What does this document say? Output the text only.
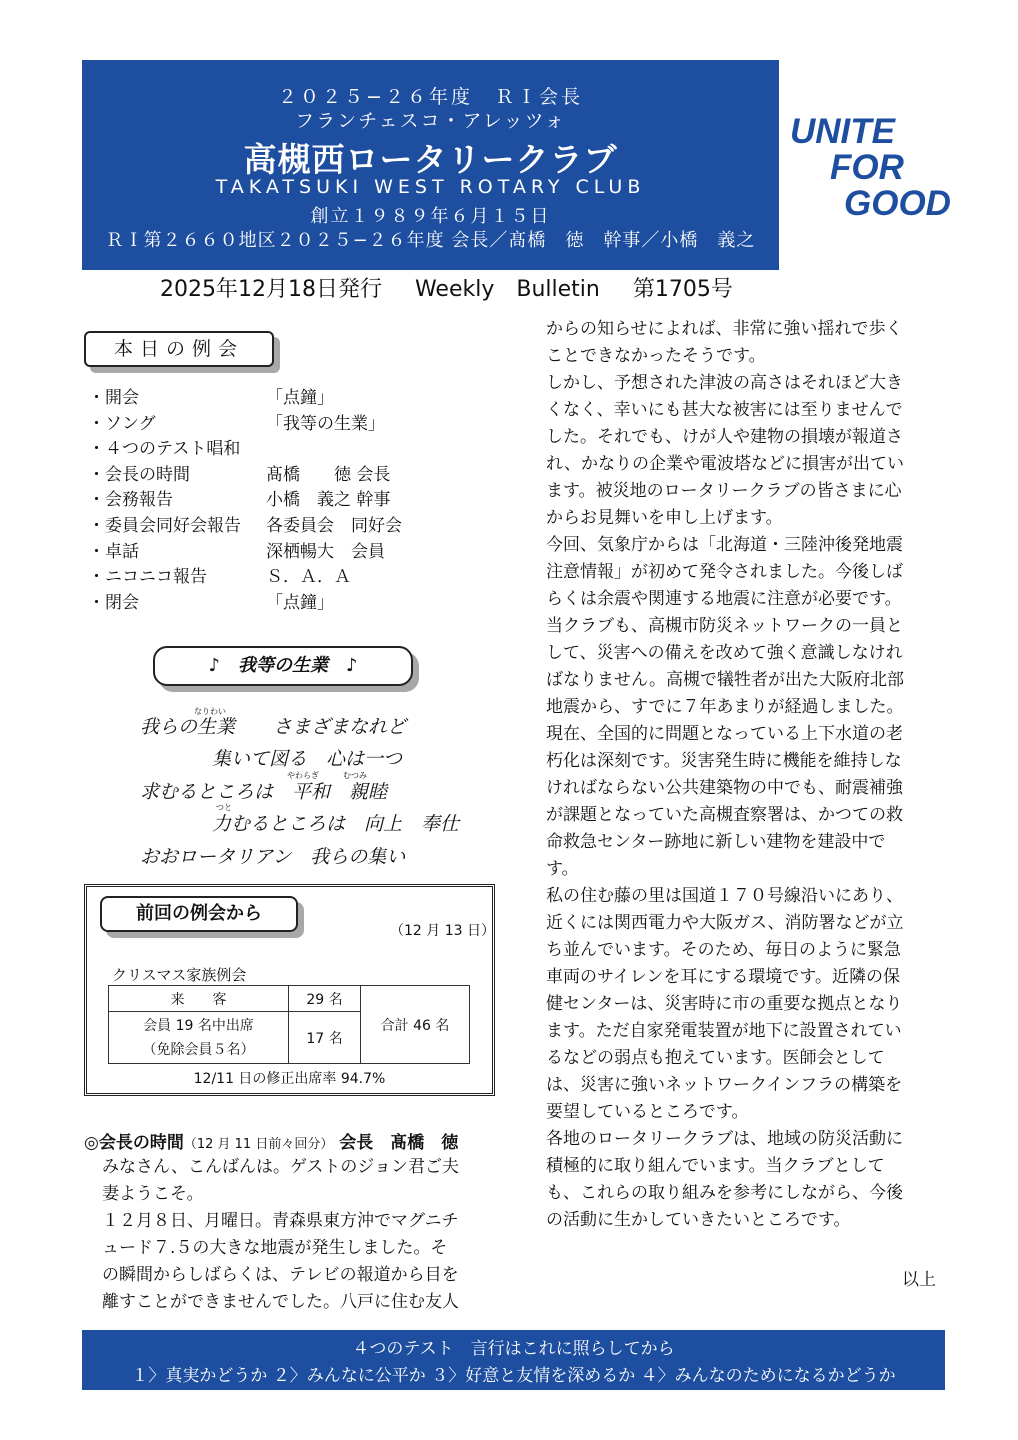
２０２５−２６年度　ＲＩ会長
フランチェスコ・アレッツォ
高槻西ロータリークラブ
TAKATSUKI WEST ROTARY CLUB
創立１９８９年６月１５日
ＲＩ第２６６０地区２０２５−２６年度 会長／髙橋　徳　幹事／小橋　義之
UNITE
FOR
GOOD
2025年12月18日発行　 Weekly　Bulletin　 第1705号
本日の例会
・開会	「点鐘」
・ソング	「我等の生業」
・４つのテスト唱和
・会長の時間	髙橋　　徳 会長
・会務報告	小橋　義之 幹事
・委員会同好会報告 各委員会　同好会
・卓話	深栖暢大　会員
・ニコニコ報告	Ｓ．Ａ．Ａ
・閉会	「点鐘」
♪　我等の生業　♪
なりわい
我らの生業　　さまざまなれど
集いて図る　心は一つ
やわらぎ	むつみ
求むるところは　平和　親睦
つと
力むるところは　向上　奉仕
おおロータリアン　我らの集い
前回の例会から
（12 月 13 日）
クリスマス家族例会
来　　客	29 名	合計 46 名

会員 19 名中出席
（免除会員５名）	17 名	
12/11 日の修正出席率 94.7%
◎会長の時間（12 月 11 日前々回分） 会長　髙橋　徳

みなさん、こんばんは。ゲストのジョン君ご夫

妻ようこそ。

１２月８日、月曜日。青森県東方沖でマグニチ

ュード７.５の大きな地震が発生しました。そ

の瞬間からしばらくは、テレビの報道から目を

離すことができませんでした。八戸に住む友人

からの知らせによれば、非常に強い揺れで歩く

ことできなかったそうです。

しかし、予想された津波の高さはそれほど大き

くなく、幸いにも甚大な被害には至りませんで

した。それでも、けが人や建物の損壊が報道さ

れ、かなりの企業や電波塔などに損害が出てい

ます。被災地のロータリークラブの皆さまに心

からお見舞いを申し上げます。

今回、気象庁からは「北海道・三陸沖後発地震

注意情報」が初めて発令されました。今後しば

らくは余震や関連する地震に注意が必要です。

当クラブも、高槻市防災ネットワークの一員と

して、災害への備えを改めて強く意識しなけれ

ばなりません。高槻で犠牲者が出た大阪府北部

地震から、すでに７年あまりが経過しました。

現在、全国的に問題となっている上下水道の老

朽化は深刻です。災害発生時に機能を維持しな

ければならない公共建築物の中でも、耐震補強

が課題となっていた高槻査察署は、かつての救

命救急センター跡地に新しい建物を建設中で

す。

私の住む藤の里は国道１７０号線沿いにあり、

近くには関西電力や大阪ガス、消防署などが立

ち並んでいます。そのため、毎日のように緊急

車両のサイレンを耳にする環境です。近隣の保

健センターは、災害時に市の重要な拠点となり

ます。ただ自家発電装置が地下に設置されてい

るなどの弱点も抱えています。医師会として

は、災害に強いネットワークインフラの構築を

要望しているところです。

各地のロータリークラブは、地域の防災活動に

積極的に取り組んでいます。当クラブとして

も、これらの取り組みを参考にしながら、今後

の活動に生かしていきたいところです。

以上
４つのテスト　言行はこれに照らしてから
１〉真実かどうか ２〉みんなに公平か ３〉好意と友情を深めるか ４〉みんなのためになるかどうか
